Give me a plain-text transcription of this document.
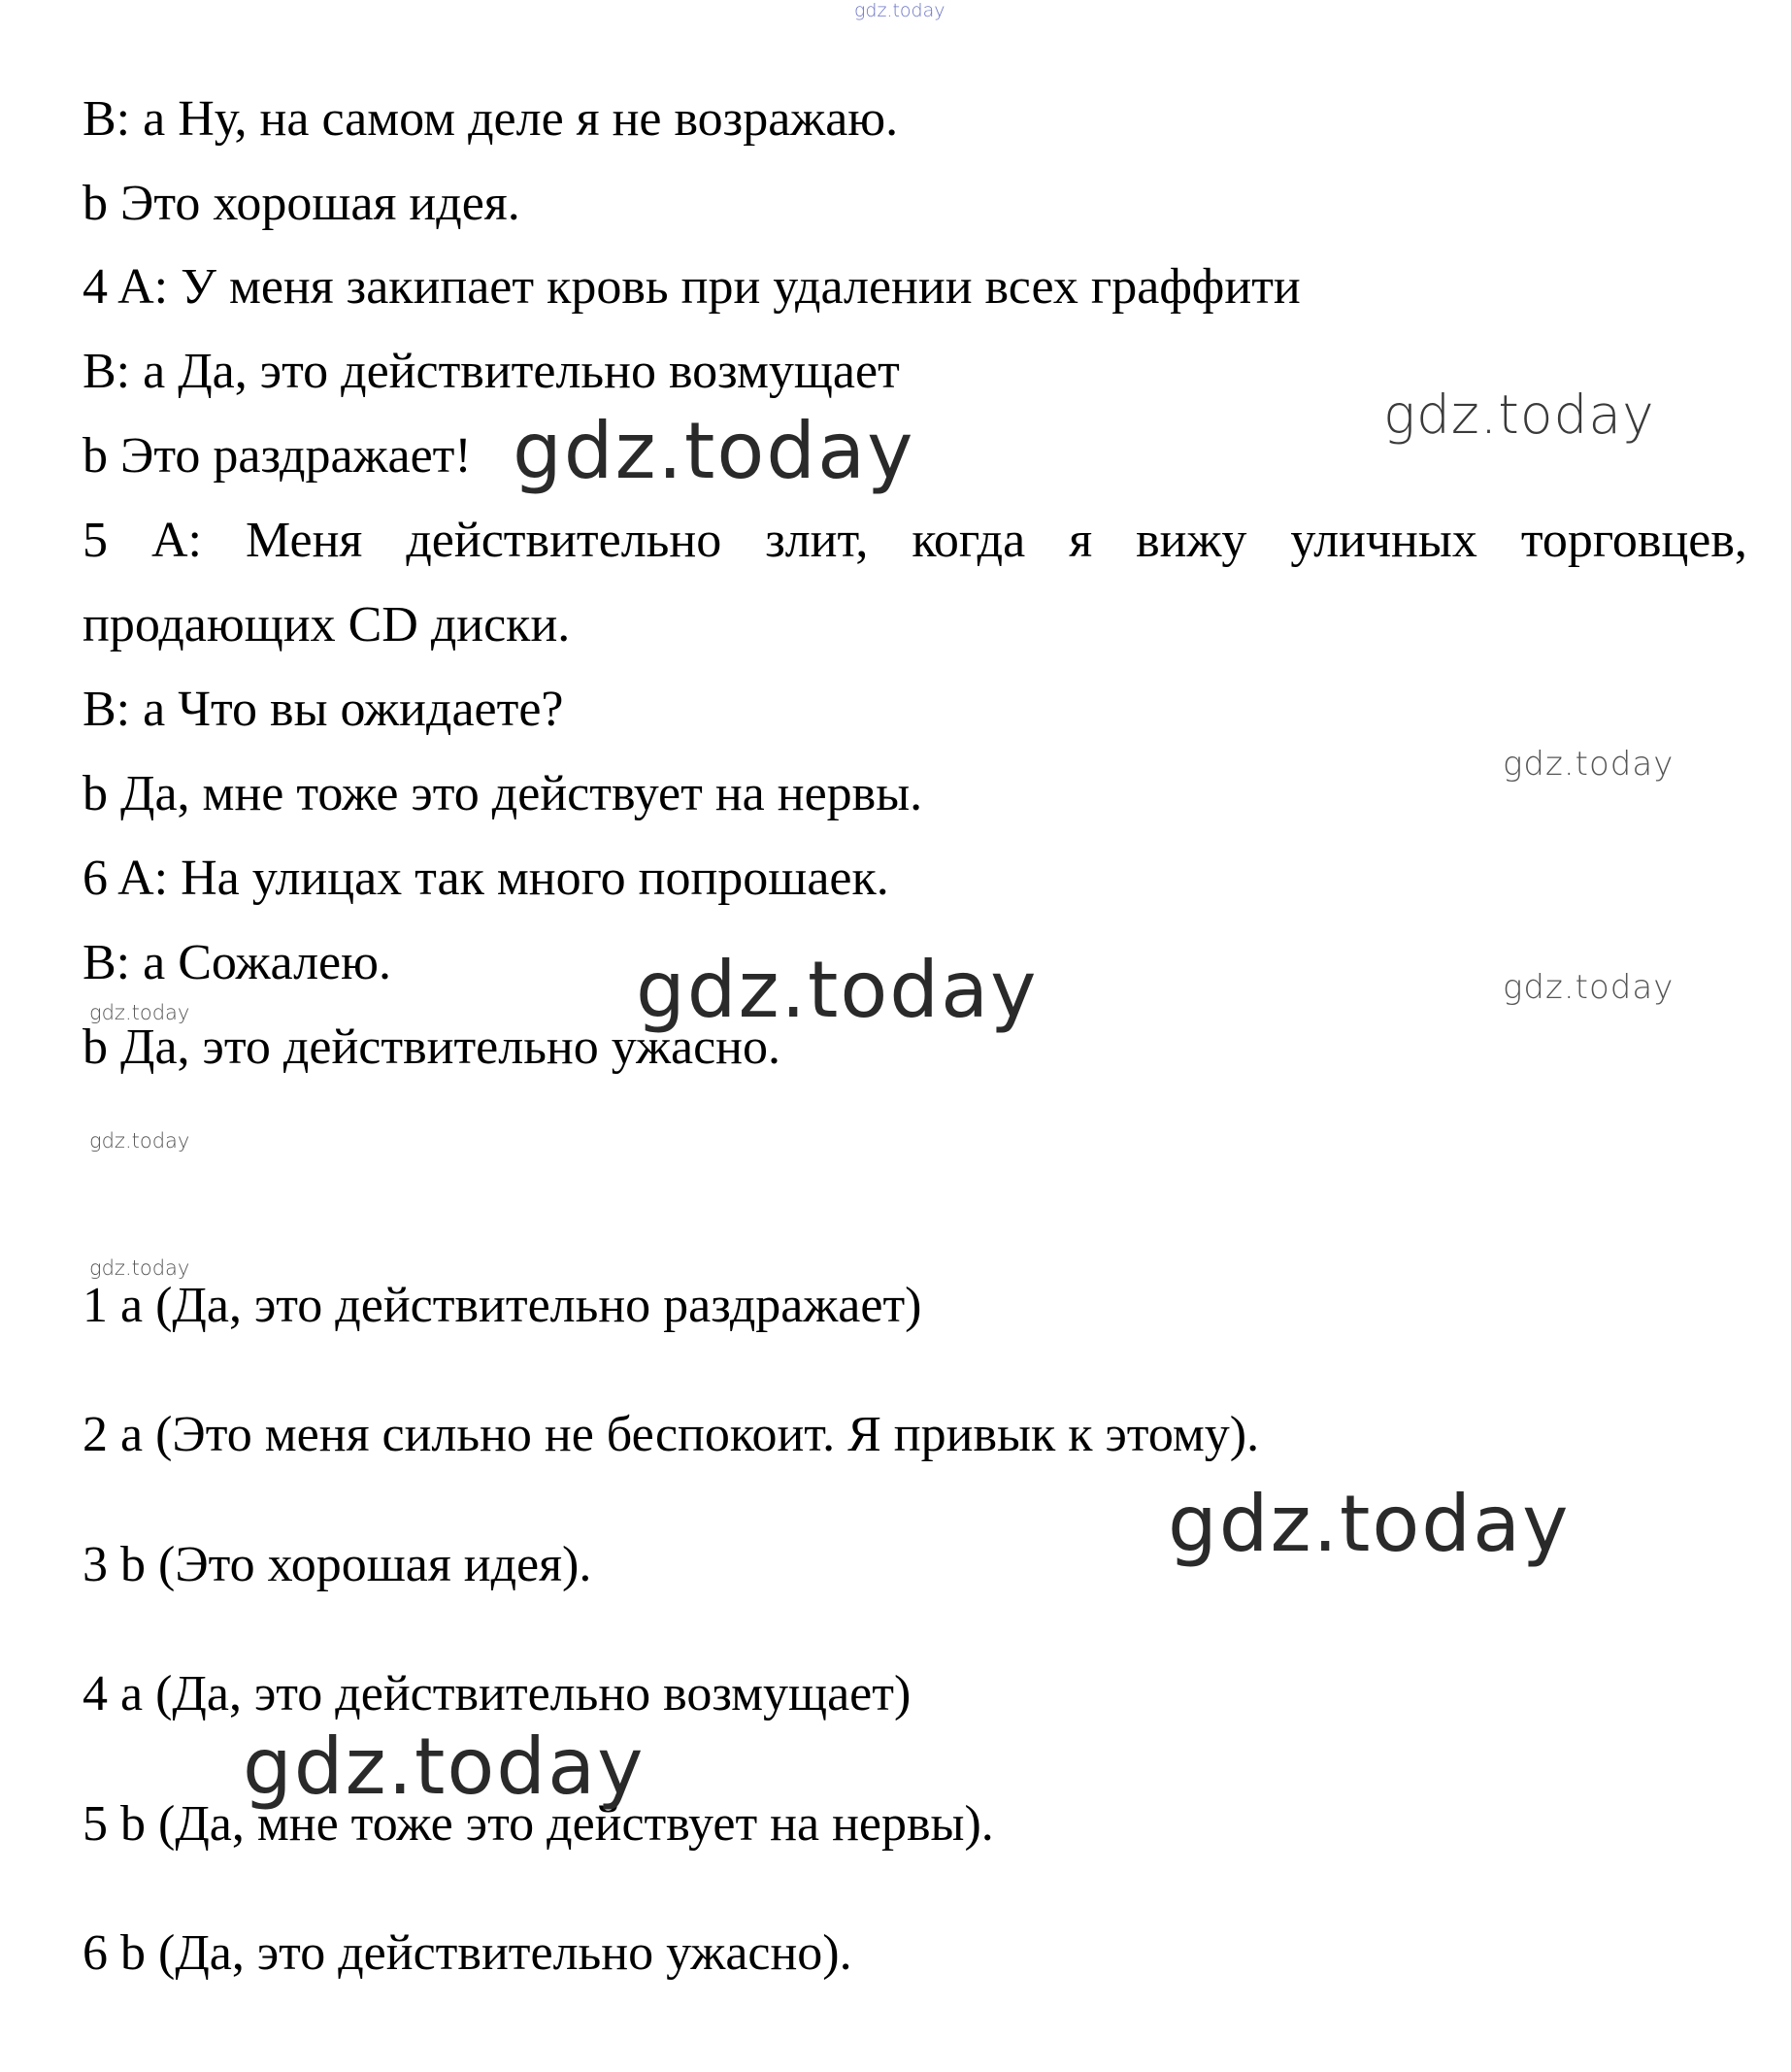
B: a Ну, на самом деле я не возражаю.
b Это хорошая идея.
4 A: У меня закипает кровь при удалении всех граффити
B: a Да, это действительно возмущает
b Это раздражает!
5 A: Меня действительно злит, когда я вижу уличных торговцев,
продающих CD диски.
B: a Что вы ожидаете?
b Да, мне тоже это действует на нервы.
6 A: На улицах так много попрошаек.
B: a Сожалею.
b Да, это действительно ужасно.
1 a (Да, это действительно раздражает)
2 a (Это меня сильно не беспокоит. Я привык к этому).
3 b (Это хорошая идея).
4 a (Да, это действительно возмущает)
5 b (Да, мне тоже это действует на нервы).
6 b (Да, это действительно ужасно).
gdz.today
gdz.today
gdz.today
gdz.today
gdz.today
gdz.today
gdz.today
gdz.today
gdz.today
gdz.today
gdz.today
